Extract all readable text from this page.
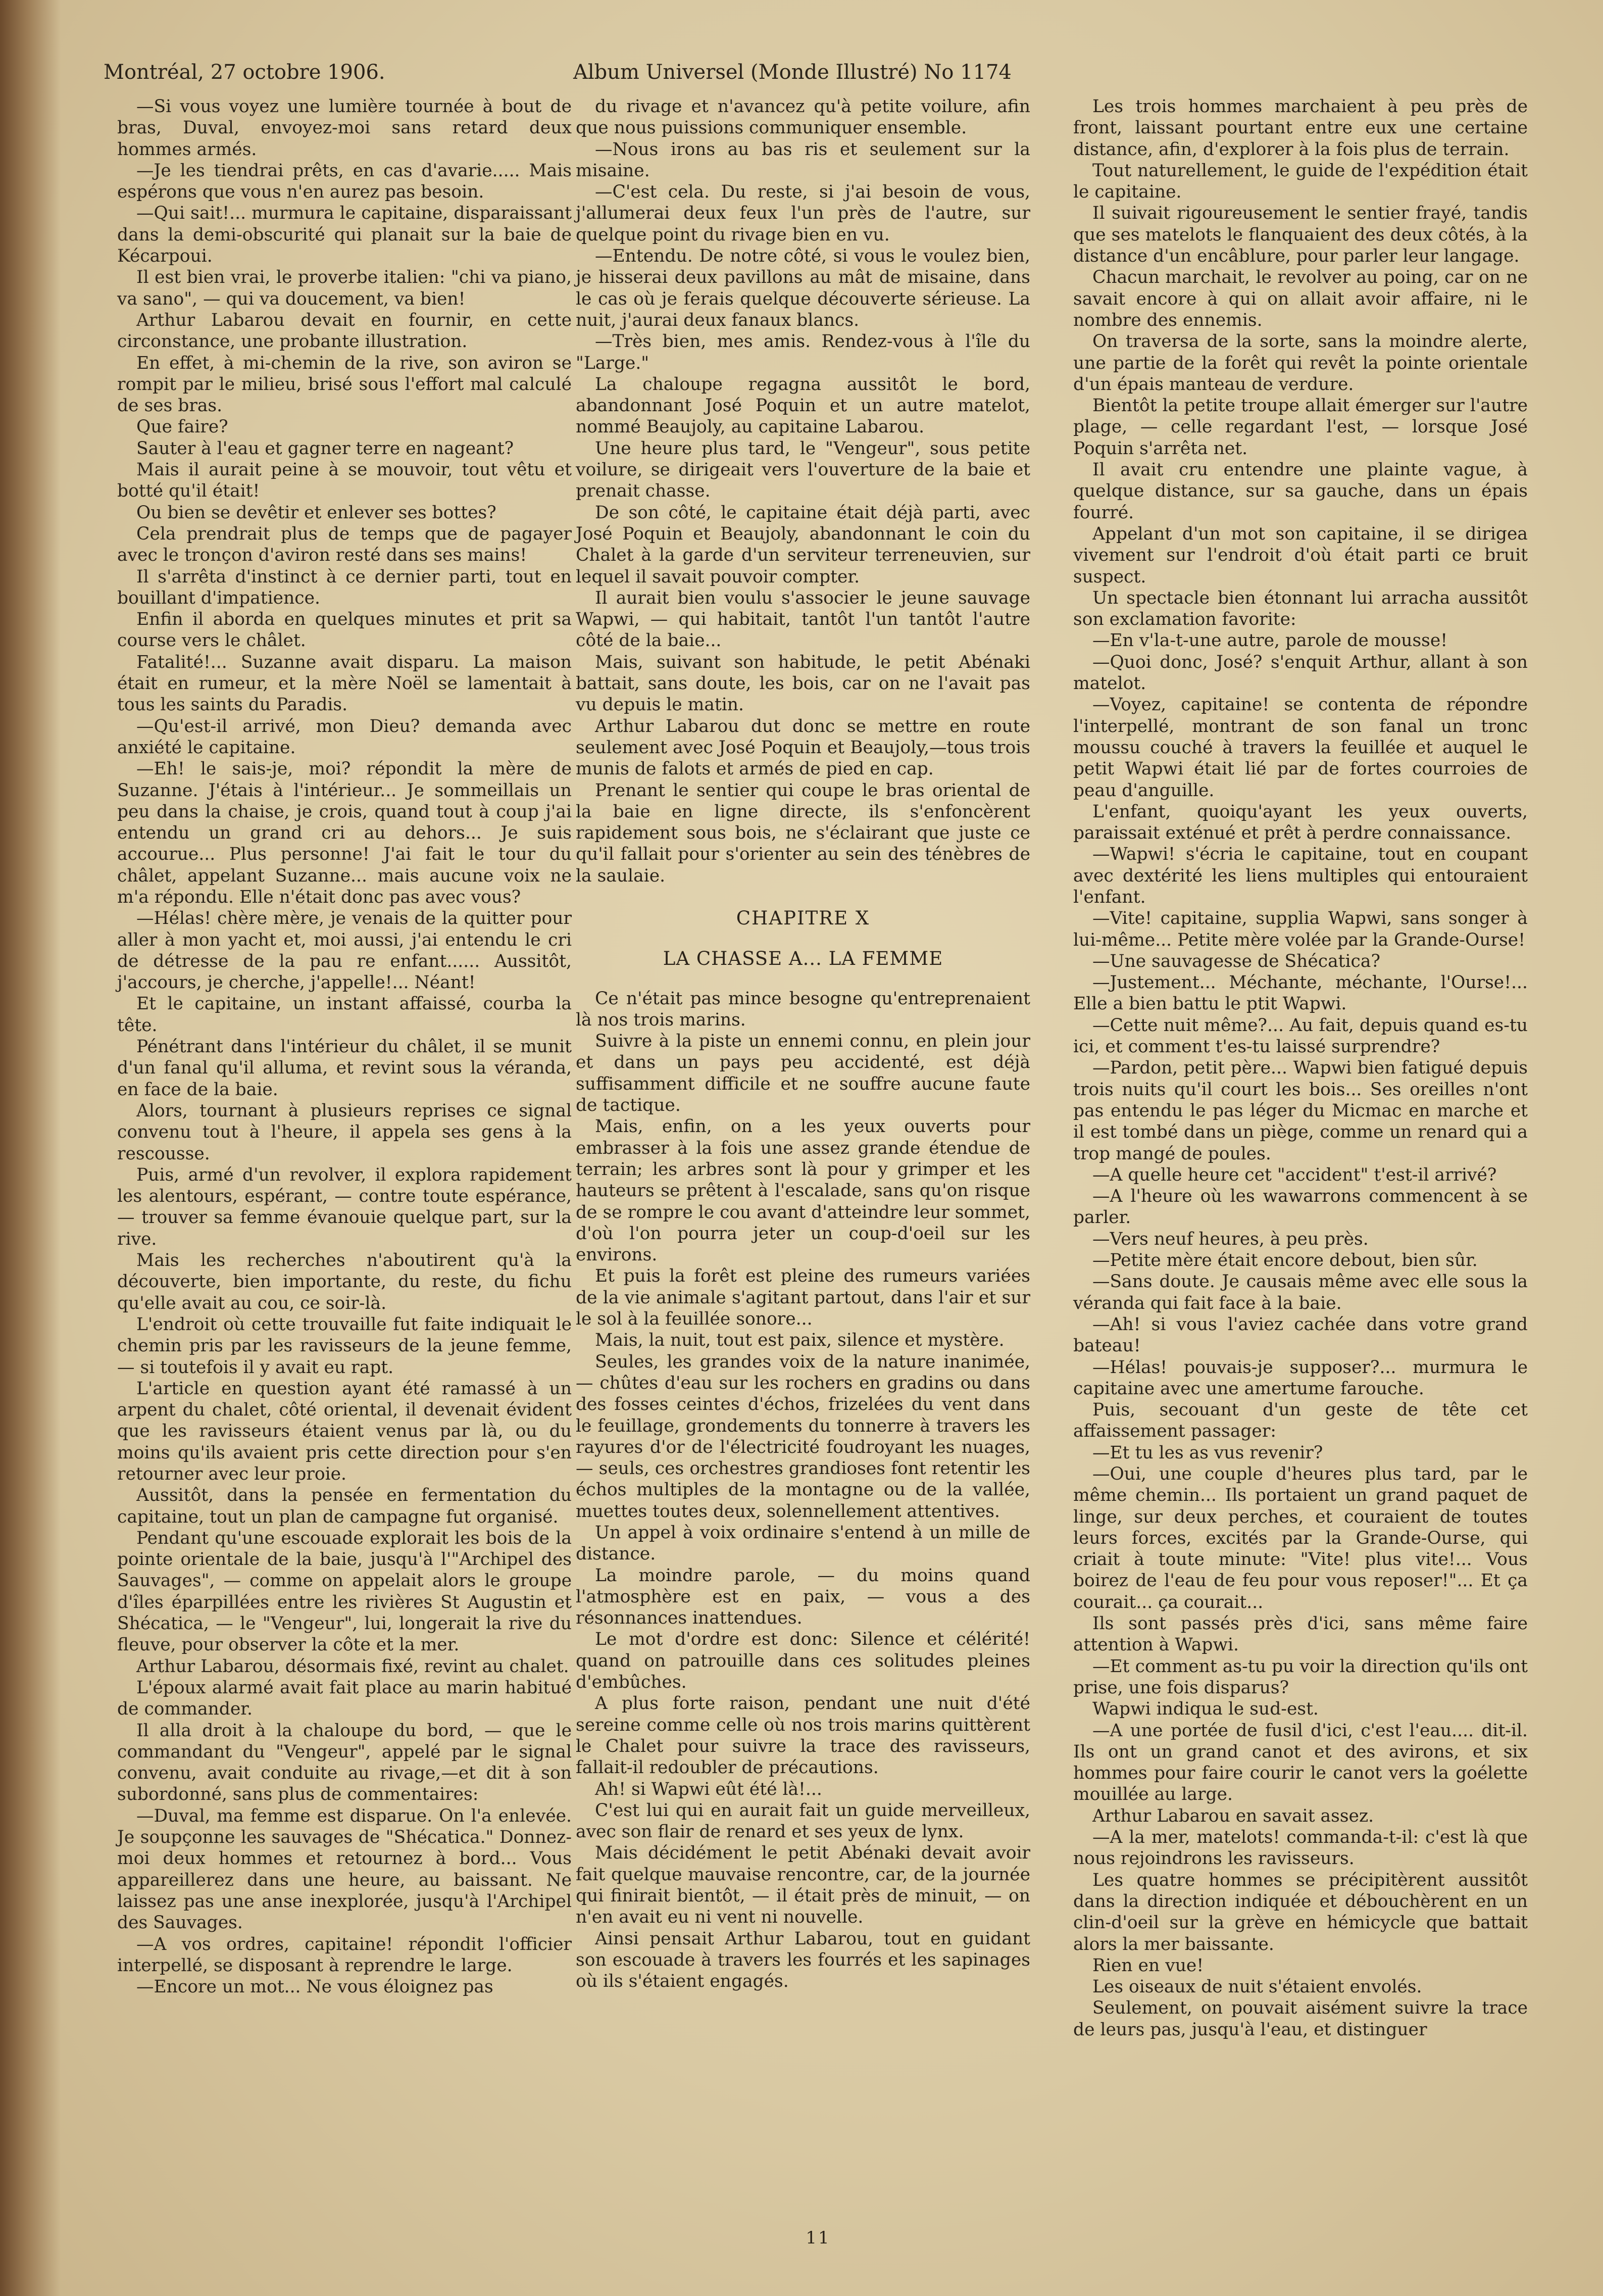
Montréal, 27 octobre 1906.	Album Universel (Monde Illustré) No 1174

—Si vous voyez une lumière tournée à bout de bras, Duval, envoyez-moi sans retard deux hommes armés.

—Je les tiendrai prêts, en cas d'avarie..... Mais espérons que vous n'en aurez pas besoin.

—Qui sait!... murmura le capitaine, disparaissant dans la demi-obscurité qui planait sur la baie de Kécarpoui.

Il est bien vrai, le proverbe italien: "chi va piano, va sano", — qui va doucement, va bien!

Arthur Labarou devait en fournir, en cette circonstance, une probante illustration.

En effet, à mi-chemin de la rive, son aviron se rompit par le milieu, brisé sous l'effort mal calculé de ses bras.

Que faire?

Sauter à l'eau et gagner terre en nageant?

Mais il aurait peine à se mouvoir, tout vêtu et botté qu'il était!

Ou bien se devêtir et enlever ses bottes?

Cela prendrait plus de temps que de pagayer avec le tronçon d'aviron resté dans ses mains!

Il s'arrêta d'instinct à ce dernier parti, tout en bouillant d'impatience.

Enfin il aborda en quelques minutes et prit sa course vers le châlet.

Fatalité!... Suzanne avait disparu. La maison était en rumeur, et la mère Noël se lamentait à tous les saints du Paradis.

—Qu'est-il arrivé, mon Dieu? demanda avec anxiété le capitaine.

—Eh! le sais-je, moi? répondit la mère de Suzanne. J'étais à l'intérieur... Je sommeillais un peu dans la chaise, je crois, quand tout à coup j'ai entendu un grand cri au dehors... Je suis accourue... Plus personne! J'ai fait le tour du châlet, appelant Suzanne... mais aucune voix ne m'a répondu. Elle n'était donc pas avec vous?

—Hélas! chère mère, je venais de la quitter pour aller à mon yacht et, moi aussi, j'ai entendu le cri de détresse de la pau re enfant...... Aussitôt, j'accours, je cherche, j'appelle!... Néant!

Et le capitaine, un instant affaissé, courba la tête.

Pénétrant dans l'intérieur du châlet, il se munit d'un fanal qu'il alluma, et revint sous la véranda, en face de la baie.

Alors, tournant à plusieurs reprises ce signal convenu tout à l'heure, il appela ses gens à la rescousse.

Puis, armé d'un revolver, il explora rapidement les alentours, espérant, — contre toute espérance, — trouver sa femme évanouie quelque part, sur la rive.

Mais les recherches n'aboutirent qu'à la découverte, bien importante, du reste, du fichu qu'elle avait au cou, ce soir-là.

L'endroit où cette trouvaille fut faite indiquait le chemin pris par les ravisseurs de la jeune femme, — si toutefois il y avait eu rapt.

L'article en question ayant été ramassé à un arpent du chalet, côté oriental, il devenait évident que les ravisseurs étaient venus par là, ou du moins qu'ils avaient pris cette direction pour s'en retourner avec leur proie.

Aussitôt, dans la pensée en fermentation du capitaine, tout un plan de campagne fut organisé.

Pendant qu'une escouade explorait les bois de la pointe orientale de la baie, jusqu'à l'"Archipel des Sauvages", — comme on appelait alors le groupe d'îles éparpillées entre les rivières St Augustin et Shécatica, — le "Vengeur", lui, longerait la rive du fleuve, pour observer la côte et la mer.

Arthur Labarou, désormais fixé, revint au chalet.

L'époux alarmé avait fait place au marin habitué de commander.

Il alla droit à la chaloupe du bord, — que le commandant du "Vengeur", appelé par le signal convenu, avait conduite au rivage,—et dit à son subordonné, sans plus de commentaires:

—Duval, ma femme est disparue. On l'a enlevée. Je soupçonne les sauvages de "Shécatica." Donnez-moi deux hommes et retournez à bord... Vous appareillerez dans une heure, au baissant. Ne laissez pas une anse inexplorée, jusqu'à l'Archipel des Sauvages.

—A vos ordres, capitaine! répondit l'officier interpellé, se disposant à reprendre le large.

—Encore un mot... Ne vous éloignez pas

du rivage et n'avancez qu'à petite voilure, afin que nous puissions communiquer ensemble.

—Nous irons au bas ris et seulement sur la misaine.

—C'est cela. Du reste, si j'ai besoin de vous, j'allumerai deux feux l'un près de l'autre, sur quelque point du rivage bien en vu.

—Entendu. De notre côté, si vous le voulez bien, je hisserai deux pavillons au mât de misaine, dans le cas où je ferais quelque découverte sérieuse. La nuit, j'aurai deux fanaux blancs.

—Très bien, mes amis. Rendez-vous à l'île du "Large."

La chaloupe regagna aussitôt le bord, abandonnant José Poquin et un autre matelot, nommé Beaujoly, au capitaine Labarou.

Une heure plus tard, le "Vengeur", sous petite voilure, se dirigeait vers l'ouverture de la baie et prenait chasse.

De son côté, le capitaine était déjà parti, avec José Poquin et Beaujoly, abandonnant le coin du Chalet à la garde d'un serviteur terreneuvien, sur lequel il savait pouvoir compter.

Il aurait bien voulu s'associer le jeune sauvage Wapwi, — qui habitait, tantôt l'un tantôt l'autre côté de la baie...

Mais, suivant son habitude, le petit Abénaki battait, sans doute, les bois, car on ne l'avait pas vu depuis le matin.

Arthur Labarou dut donc se mettre en route seulement avec José Poquin et Beaujoly,—tous trois munis de falots et armés de pied en cap.

Prenant le sentier qui coupe le bras oriental de la baie en ligne directe, ils s'enfoncèrent rapidement sous bois, ne s'éclairant que juste ce qu'il fallait pour s'orienter au sein des ténèbres de la saulaie.

CHAPITRE X

LA CHASSE A... LA FEMME

Ce n'était pas mince besogne qu'entreprenaient là nos trois marins.

Suivre à la piste un ennemi connu, en plein jour et dans un pays peu accidenté, est déjà suffisamment difficile et ne souffre aucune faute de tactique.

Mais, enfin, on a les yeux ouverts pour embrasser à la fois une assez grande étendue de terrain; les arbres sont là pour y grimper et les hauteurs se prêtent à l'escalade, sans qu'on risque de se rompre le cou avant d'atteindre leur sommet, d'où l'on pourra jeter un coup-d'oeil sur les environs.

Et puis la forêt est pleine des rumeurs variées de la vie animale s'agitant partout, dans l'air et sur le sol à la feuillée sonore...

Mais, la nuit, tout est paix, silence et mystère.

Seules, les grandes voix de la nature inanimée, — chûtes d'eau sur les rochers en gradins ou dans des fosses ceintes d'échos, frizelées du vent dans le feuillage, grondements du tonnerre à travers les rayures d'or de l'électricité foudroyant les nuages, — seuls, ces orchestres grandioses font retentir les échos multiples de la montagne ou de la vallée, muettes toutes deux, solennellement attentives.

Un appel à voix ordinaire s'entend à un mille de distance.

La moindre parole, — du moins quand l'atmosphère est en paix, — vous a des résonnances inattendues.

Le mot d'ordre est donc: Silence et célérité! quand on patrouille dans ces solitudes pleines d'embûches.

A plus forte raison, pendant une nuit d'été sereine comme celle où nos trois marins quittèrent le Chalet pour suivre la trace des ravisseurs, fallait-il redoubler de précautions.

Ah! si Wapwi eût été là!...

C'est lui qui en aurait fait un guide merveilleux, avec son flair de renard et ses yeux de lynx.

Mais décidément le petit Abénaki devait avoir fait quelque mauvaise rencontre, car, de la journée qui finirait bientôt, — il était près de minuit, — on n'en avait eu ni vent ni nouvelle.

Ainsi pensait Arthur Labarou, tout en guidant son escouade à travers les fourrés et les sapinages où ils s'étaient engagés.

Les trois hommes marchaient à peu près de front, laissant pourtant entre eux une certaine distance, afin, d'explorer à la fois plus de terrain.

Tout naturellement, le guide de l'expédition était le capitaine.

Il suivait rigoureusement le sentier frayé, tandis que ses matelots le flanquaient des deux côtés, à la distance d'un encâblure, pour parler leur langage.

Chacun marchait, le revolver au poing, car on ne savait encore à qui on allait avoir affaire, ni le nombre des ennemis.

On traversa de la sorte, sans la moindre alerte, une partie de la forêt qui revêt la pointe orientale d'un épais manteau de verdure.

Bientôt la petite troupe allait émerger sur l'autre plage, — celle regardant l'est, — lorsque José Poquin s'arrêta net.

Il avait cru entendre une plainte vague, à quelque distance, sur sa gauche, dans un épais fourré.

Appelant d'un mot son capitaine, il se dirigea vivement sur l'endroit d'où était parti ce bruit suspect.

Un spectacle bien étonnant lui arracha aussitôt son exclamation favorite:

—En v'la-t-une autre, parole de mousse!

—Quoi donc, José? s'enquit Arthur, allant à son matelot.

—Voyez, capitaine! se contenta de répondre l'interpellé, montrant de son fanal un tronc moussu couché à travers la feuillée et auquel le petit Wapwi était lié par de fortes courroies de peau d'anguille.

L'enfant, quoiqu'ayant les yeux ouverts, paraissait exténué et prêt à perdre connaissance.

—Wapwi! s'écria le capitaine, tout en coupant avec dextérité les liens multiples qui entouraient l'enfant.

—Vite! capitaine, supplia Wapwi, sans songer à lui-même... Petite mère volée par la Grande-Ourse!

—Une sauvagesse de Shécatica?

—Justement... Méchante, méchante, l'Ourse!... Elle a bien battu le ptit Wapwi.

—Cette nuit même?... Au fait, depuis quand es-tu ici, et comment t'es-tu laissé surprendre?

—Pardon, petit père... Wapwi bien fatigué depuis trois nuits qu'il court les bois... Ses oreilles n'ont pas entendu le pas léger du Micmac en marche et il est tombé dans un piège, comme un renard qui a trop mangé de poules.

—A quelle heure cet "accident" t'est-il arrivé?

—A l'heure où les wawarrons commencent à se parler.

—Vers neuf heures, à peu près.

—Petite mère était encore debout, bien sûr.

—Sans doute. Je causais même avec elle sous la véranda qui fait face à la baie.

—Ah! si vous l'aviez cachée dans votre grand bateau!

—Hélas! pouvais-je supposer?... murmura le capitaine avec une amertume farouche.

Puis, secouant d'un geste de tête cet affaissement passager:

—Et tu les as vus revenir?

—Oui, une couple d'heures plus tard, par le même chemin... Ils portaient un grand paquet de linge, sur deux perches, et couraient de toutes leurs forces, excités par la Grande-Ourse, qui criait à toute minute: "Vite! plus vite!... Vous boirez de l'eau de feu pour vous reposer!"... Et ça courait... ça courait...

Ils sont passés près d'ici, sans même faire attention à Wapwi.

—Et comment as-tu pu voir la direction qu'ils ont prise, une fois disparus?

Wapwi indiqua le sud-est.

—A une portée de fusil d'ici, c'est l'eau.... dit-il. Ils ont un grand canot et des avirons, et six hommes pour faire courir le canot vers la goélette mouillée au large.

Arthur Labarou en savait assez.

—A la mer, matelots! commanda-t-il: c'est là que nous rejoindrons les ravisseurs.

Les quatre hommes se précipitèrent aussitôt dans la direction indiquée et débouchèrent en un clin-d'oeil sur la grève en hémicycle que battait alors la mer baissante.

Rien en vue!

Les oiseaux de nuit s'étaient envolés.

Seulement, on pouvait aisément suivre la trace de leurs pas, jusqu'à l'eau, et distinguer

11
